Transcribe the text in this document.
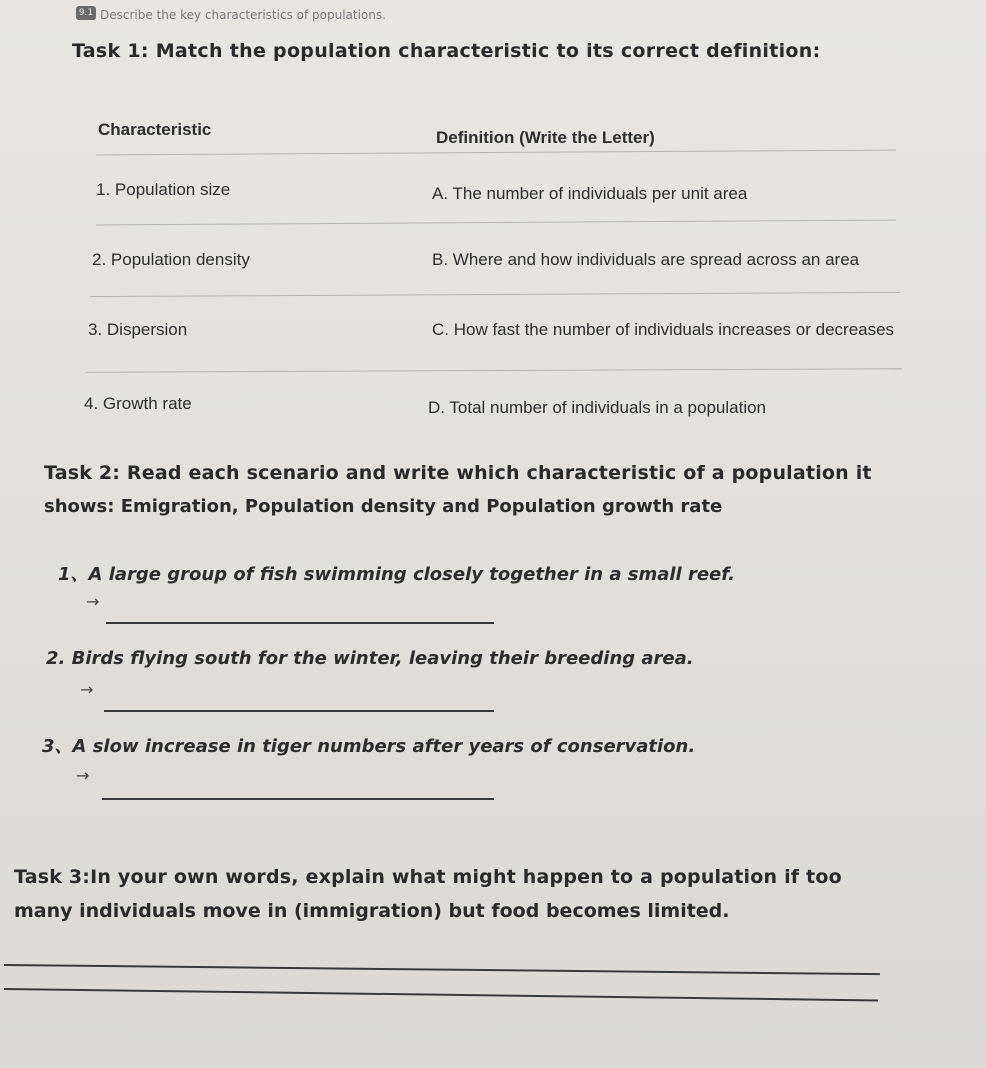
9.1 Describe the key characteristics of populations.
Task 1: Match the population characteristic to its correct definition:
Characteristic	Definition (Write the Letter)
1. Population size	A. The number of individuals per unit area
2. Population density	B. Where and how individuals are spread across an area
3. Dispersion	C. How fast the number of individuals increases or decreases
4. Growth rate	D. Total number of individuals in a population
Task 2: Read each scenario and write which characteristic of a population it
shows: Emigration, Population density and Population growth rate
1、A large group of fish swimming closely together in a small reef.
→
2. Birds flying south for the winter, leaving their breeding area.
→
3、A slow increase in tiger numbers after years of conservation.
→
Task 3:In your own words, explain what might happen to a population if too
many individuals move in (immigration) but food becomes limited.
